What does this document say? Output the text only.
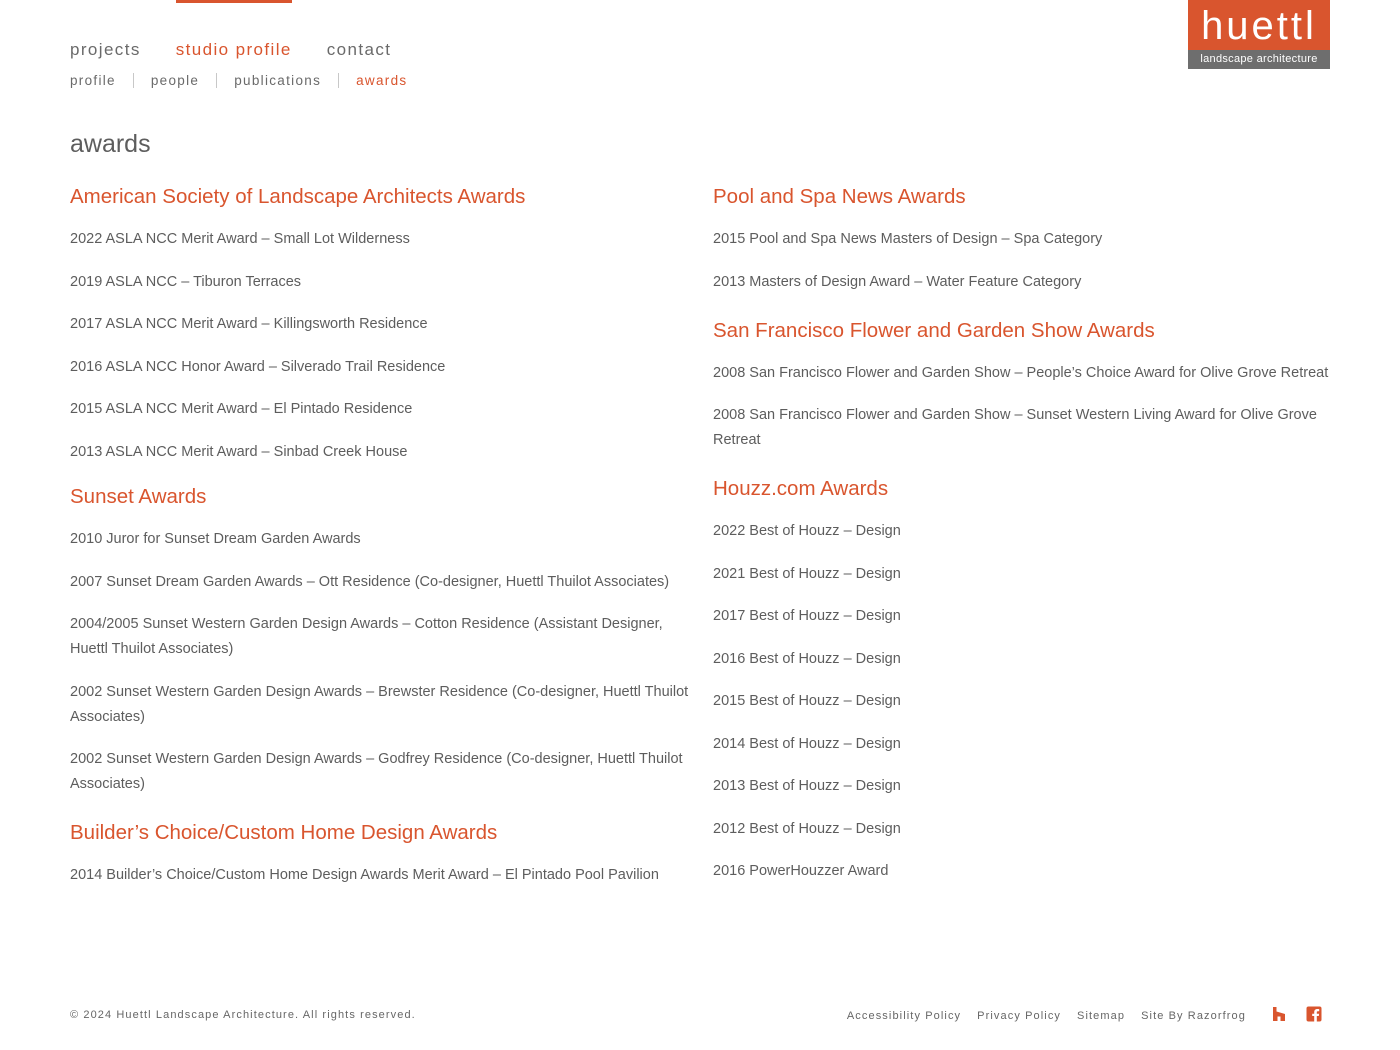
projects studio profile contact
profile	people	publications	awards
huettl
landscape architecture
awards
American Society of Landscape Architects Awards
2022 ASLA NCC Merit Award – Small Lot Wilderness
2019 ASLA NCC – Tiburon Terraces
2017 ASLA NCC Merit Award – Killingsworth Residence
2016 ASLA NCC Honor Award – Silverado Trail Residence
2015 ASLA NCC Merit Award – El Pintado Residence
2013 ASLA NCC Merit Award – Sinbad Creek House
Sunset Awards
2010 Juror for Sunset Dream Garden Awards
2007 Sunset Dream Garden Awards – Ott Residence (Co-designer, Huettl Thuilot Associates)
2004/2005 Sunset Western Garden Design Awards – Cotton Residence (Assistant Designer, Huettl Thuilot Associates)
2002 Sunset Western Garden Design Awards – Brewster Residence (Co-designer, Huettl Thuilot Associates)
2002 Sunset Western Garden Design Awards – Godfrey Residence (Co-designer, Huettl Thuilot Associates)
Builder’s Choice/Custom Home Design Awards
2014 Builder’s Choice/Custom Home Design Awards Merit Award – El Pintado Pool Pavilion
Pool and Spa News Awards
2015 Pool and Spa News Masters of Design – Spa Category
2013 Masters of Design Award – Water Feature Category
San Francisco Flower and Garden Show Awards
2008 San Francisco Flower and Garden Show – People’s Choice Award for Olive Grove Retreat
2008 San Francisco Flower and Garden Show – Sunset Western Living Award for Olive Grove Retreat
Houzz.com Awards
2022 Best of Houzz – Design
2021 Best of Houzz – Design
2017 Best of Houzz – Design
2016 Best of Houzz – Design
2015 Best of Houzz – Design
2014 Best of Houzz – Design
2013 Best of Houzz – Design
2012 Best of Houzz – Design
2016 PowerHouzzer Award
© 2024 Huettl Landscape Architecture. All rights reserved.	Accessibility Policy Privacy Policy Sitemap Site By Razorfrog
